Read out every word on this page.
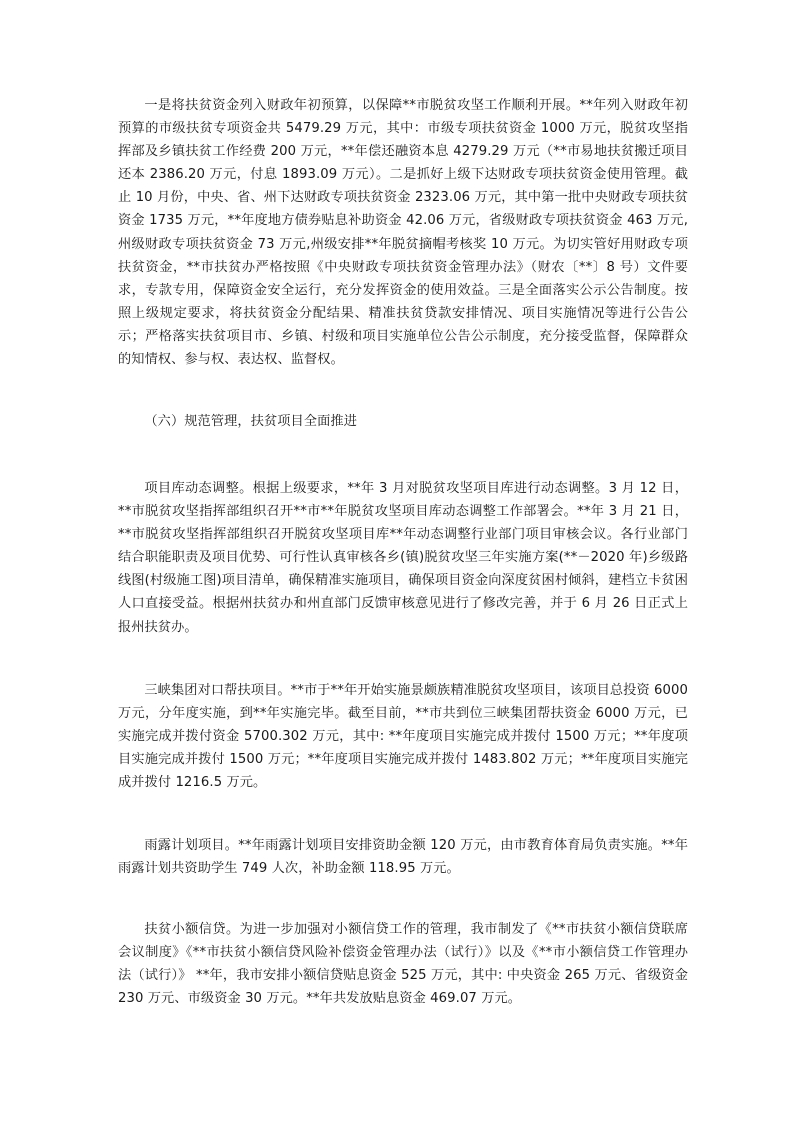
一是将扶贫资金列入财政年初预算，以保障**市脱贫攻坚工作顺利开展。**年列入财政年初预算的市级扶贫专项资金共 5479.29 万元，其中：市级专项扶贫资金 1000 万元，脱贫攻坚指挥部及乡镇扶贫工作经费 200 万元，**年偿还融资本息 4279.29 万元（**市易地扶贫搬迁项目还本 2386.20 万元，付息 1893.09 万元）。二是抓好上级下达财政专项扶贫资金使用管理。截止 10 月份，中央、省、州下达财政专项扶贫资金 2323.06 万元，其中第一批中央财政专项扶贫资金 1735 万元，**年度地方债券贴息补助资金 42.06 万元，省级财政专项扶贫资金 463 万元,州级财政专项扶贫资金 73 万元,州级安排**年脱贫摘帽考核奖 10 万元。为切实管好用财政专项扶贫资金，**市扶贫办严格按照《中央财政专项扶贫资金管理办法》（财农〔**〕8 号）文件要求，专款专用，保障资金安全运行，充分发挥资金的使用效益。三是全面落实公示公告制度。按照上级规定要求，将扶贫资金分配结果、精准扶贫贷款安排情况、项目实施情况等进行公告公示；严格落实扶贫项目市、乡镇、村级和项目实施单位公告公示制度，充分接受监督，保障群众的知情权、参与权、表达权、监督权。

（六）规范管理，扶贫项目全面推进

项目库动态调整。根据上级要求，**年 3 月对脱贫攻坚项目库进行动态调整。3 月 12 日，**市脱贫攻坚指挥部组织召开**市**年脱贫攻坚项目库动态调整工作部署会。**年 3 月 21 日，**市脱贫攻坚指挥部组织召开脱贫攻坚项目库**年动态调整行业部门项目审核会议。各行业部门结合职能职责及项目优势、可行性认真审核各乡(镇)脱贫攻坚三年实施方案(**－2020 年)乡级路线图(村级施工图)项目清单，确保精准实施项目，确保项目资金向深度贫困村倾斜，建档立卡贫困人口直接受益。根据州扶贫办和州直部门反馈审核意见进行了修改完善，并于 6 月 26 日正式上报州扶贫办。

三峡集团对口帮扶项目。**市于**年开始实施景颇族精准脱贫攻坚项目，该项目总投资 6000 万元，分年度实施，到**年实施完毕。截至目前，**市共到位三峡集团帮扶资金 6000 万元，已实施完成并拨付资金 5700.302 万元，其中: **年度项目实施完成并拨付 1500 万元；**年度项目实施完成并拨付 1500 万元；**年度项目实施完成并拨付 1483.802 万元；**年度项目实施完成并拨付 1216.5 万元。

雨露计划项目。**年雨露计划项目安排资助金额 120 万元，由市教育体育局负责实施。**年雨露计划共资助学生 749 人次，补助金额 118.95 万元。

扶贫小额信贷。为进一步加强对小额信贷工作的管理，我市制发了《**市扶贫小额信贷联席会议制度》《**市扶贫小额信贷风险补偿资金管理办法（试行）》以及《**市小额信贷工作管理办法（试行）》 **年，我市安排小额信贷贴息资金 525 万元，其中: 中央资金 265 万元、省级资金 230 万元、市级资金 30 万元。**年共发放贴息资金 469.07 万元。
